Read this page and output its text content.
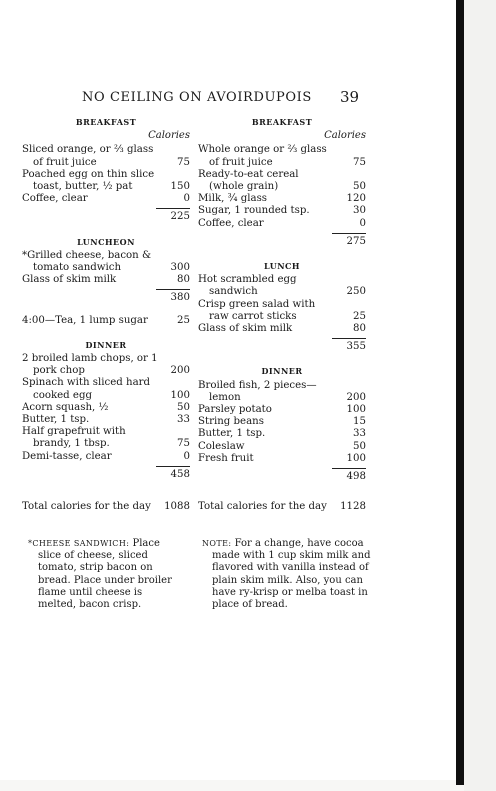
NO CEILING ON AVOIRDUPOIS	39
BREAKFAST
Calories
Sliced orange, or ⅔ glass of fruit juice	75
Poached egg on thin slice toast, butter, ½ pat	150
Coffee, clear	0
225
LUNCHEON
*Grilled cheese, bacon & tomato sandwich	300
Glass of skim milk	80
380
4:00—Tea, 1 lump sugar	25
DINNER
2 broiled lamb chops, or 1 pork chop	200
Spinach with sliced hard cooked egg	100
Acorn squash, ½	50
Butter, 1 tsp.	33
Half grapefruit with brandy, 1 tbsp.	75
Demi-tasse, clear	0
458
BREAKFAST
Calories
Whole orange or ⅔ glass of fruit juice	75
Ready-to-eat cereal (whole grain)	50
Milk, ¾ glass	120
Sugar, 1 rounded tsp.	30
Coffee, clear	0
275
LUNCH
Hot scrambled egg sandwich	250
Crisp green salad with raw carrot sticks	25
Glass of skim milk	80
355
DINNER
Broiled fish, 2 pieces—lemon	200
Parsley potato	100
String beans	15
Butter, 1 tsp.	33
Coleslaw	50
Fresh fruit	100
498
Total calories for the day 1088 Total calories for the day 1128
*CHEESE SANDWICH: Place slice of cheese, sliced tomato, strip bacon on bread. Place under broiler flame until cheese is melted, bacon crisp.
NOTE: For a change, have cocoa made with 1 cup skim milk and flavored with vanilla instead of plain skim milk. Also, you can have ry-krisp or melba toast in place of bread.
